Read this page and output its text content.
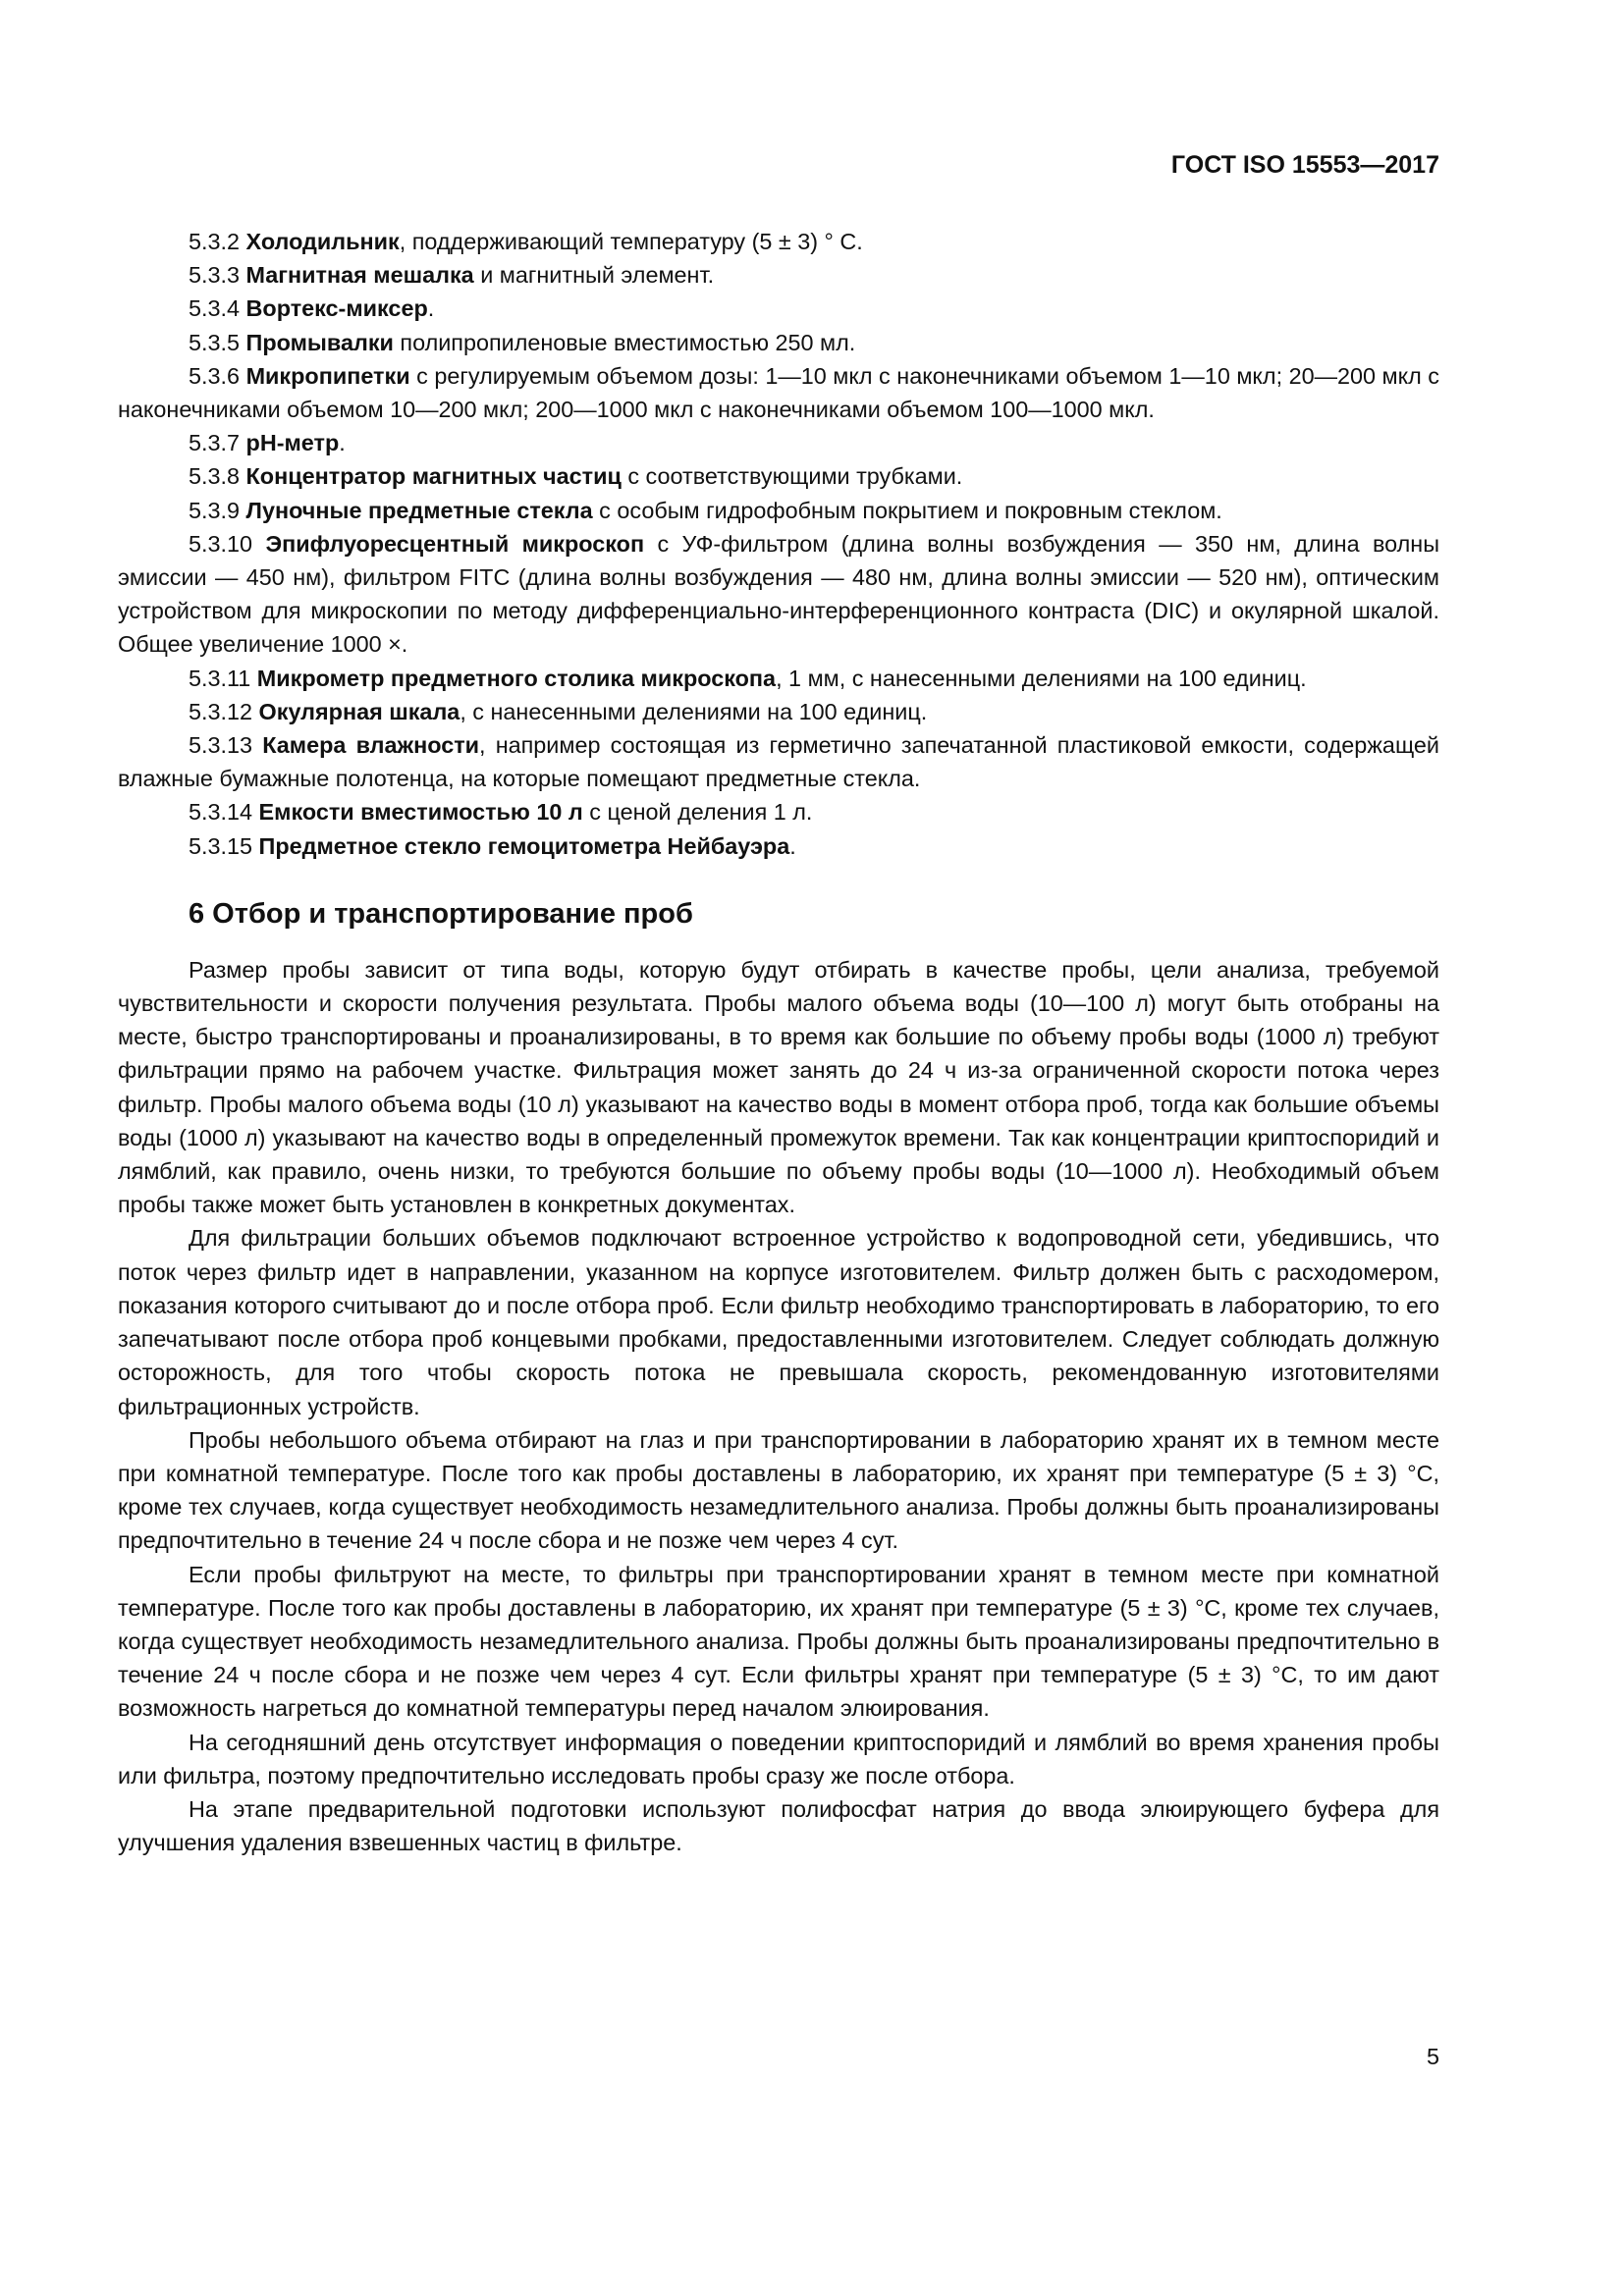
ГОСТ ISO 15553—2017

5.3.2 Холодильник, поддерживающий температуру (5 ± 3) ° С.

5.3.3 Магнитная мешалка и магнитный элемент.

5.3.4 Вортекс-миксер.

5.3.5 Промывалки полипропиленовые вместимостью 250 мл.

5.3.6 Микропипетки с регулируемым объемом дозы: 1—10 мкл с наконечниками объемом 1—10 мкл; 20—200 мкл с наконечниками объемом 10—200 мкл; 200—1000 мкл с наконечниками объемом 100—1000 мкл.

5.3.7 рН-метр.

5.3.8 Концентратор магнитных частиц с соответствующими трубками.

5.3.9 Луночные предметные стекла с особым гидрофобным покрытием и покровным стеклом.

5.3.10 Эпифлуоресцентный микроскоп с УФ-фильтром (длина волны возбуждения — 350 нм, длина волны эмиссии — 450 нм), фильтром FITC (длина волны возбуждения — 480 нм, длина волны эмиссии — 520 нм), оптическим устройством для микроскопии по методу дифференциально-интерференционного контраста (DIC) и окулярной шкалой. Общее увеличение 1000 ×.

5.3.11 Микрометр предметного столика микроскопа, 1 мм, с нанесенными делениями на 100 единиц.

5.3.12 Окулярная шкала, с нанесенными делениями на 100 единиц.

5.3.13 Камера влажности, например состоящая из герметично запечатанной пластиковой емкости, содержащей влажные бумажные полотенца, на которые помещают предметные стекла.

5.3.14 Емкости вместимостью 10 л с ценой деления 1 л.

5.3.15 Предметное стекло гемоцитометра Нейбауэра.

6 Отбор и транспортирование проб

Размер пробы зависит от типа воды, которую будут отбирать в качестве пробы, цели анализа, требуемой чувствительности и скорости получения результата. Пробы малого объема воды (10—100 л) могут быть отобраны на месте, быстро транспортированы и проанализированы, в то время как большие по объему пробы воды (1000 л) требуют фильтрации прямо на рабочем участке. Фильтрация может занять до 24 ч из-за ограниченной скорости потока через фильтр. Пробы малого объема воды (10 л) указывают на качество воды в момент отбора проб, тогда как большие объемы воды (1000 л) указывают на качество воды в определенный промежуток времени. Так как концентрации криптоспоридий и лямблий, как правило, очень низки, то требуются большие по объему пробы воды (10—1000 л). Необходимый объем пробы также может быть установлен в конкретных документах.

Для фильтрации больших объемов подключают встроенное устройство к водопроводной сети, убедившись, что поток через фильтр идет в направлении, указанном на корпусе изготовителем. Фильтр должен быть с расходомером, показания которого считывают до и после отбора проб. Если фильтр необходимо транспортировать в лабораторию, то его запечатывают после отбора проб концевыми пробками, предоставленными изготовителем. Следует соблюдать должную осторожность, для того чтобы скорость потока не превышала скорость, рекомендованную изготовителями фильтрационных устройств.

Пробы небольшого объема отбирают на глаз и при транспортировании в лабораторию хранят их в темном месте при комнатной температуре. После того как пробы доставлены в лабораторию, их хранят при температуре (5 ± 3) °С, кроме тех случаев, когда существует необходимость незамедлительного анализа. Пробы должны быть проанализированы предпочтительно в течение 24 ч после сбора и не позже чем через 4 сут.

Если пробы фильтруют на месте, то фильтры при транспортировании хранят в темном месте при комнатной температуре. После того как пробы доставлены в лабораторию, их хранят при температуре (5 ± 3) °С, кроме тех случаев, когда существует необходимость незамедлительного анализа. Пробы должны быть проанализированы предпочтительно в течение 24 ч после сбора и не позже чем через 4 сут. Если фильтры хранят при температуре (5 ± 3) °С, то им дают возможность нагреться до комнатной температуры перед началом элюирования.

На сегодняшний день отсутствует информация о поведении криптоспоридий и лямблий во время хранения пробы или фильтра, поэтому предпочтительно исследовать пробы сразу же после отбора.

На этапе предварительной подготовки используют полифосфат натрия до ввода элюирующего буфера для улучшения удаления взвешенных частиц в фильтре.

5
